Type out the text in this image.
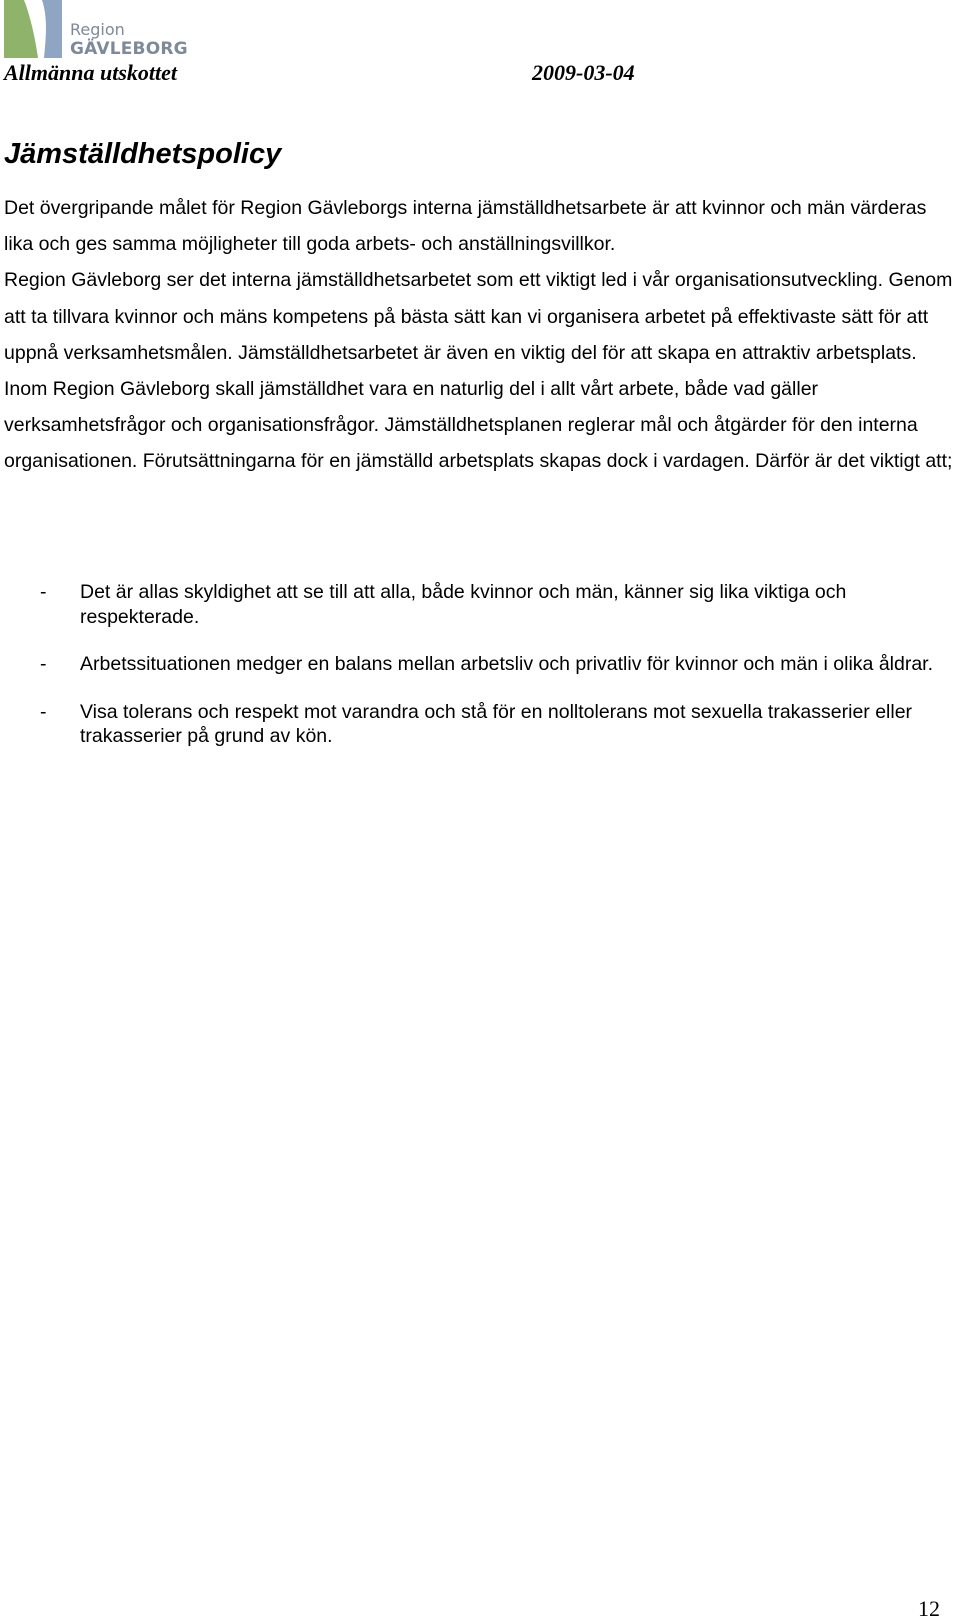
Region
GÄVLEBORG
Allmänna utskottet	2009-03-04
Jämställdhetspolicy

Det övergripande målet för Region Gävleborgs interna jämställdhetsarbete är att kvinnor och män värderas lika och ges samma möjligheter till goda arbets- och anställningsvillkor.

Region Gävleborg ser det interna jämställdhetsarbetet som ett viktigt led i vår organisationsutveckling. Genom att ta tillvara kvinnor och mäns kompetens på bästa sätt kan vi organisera arbetet på effektivaste sätt för att uppnå verksamhetsmålen. Jämställdhetsarbetet är även en viktig del för att skapa en attraktiv arbetsplats.

Inom Region Gävleborg skall jämställdhet vara en naturlig del i allt vårt arbete, både vad gäller verksamhetsfrågor och organisationsfrågor. Jämställdhetsplanen reglerar mål och åtgärder för den interna organisationen. Förutsättningarna för en jämställd arbetsplats skapas dock i vardagen. Därför är det viktigt att;

- Det är allas skyldighet att se till att alla, både kvinnor och män, känner sig lika viktiga och respekterade.
- Arbetssituationen medger en balans mellan arbetsliv och privatliv för kvinnor och män i olika åldrar.
- Visa tolerans och respekt mot varandra och stå för en nolltolerans mot sexuella trakasserier eller trakasserier på grund av kön.
12
